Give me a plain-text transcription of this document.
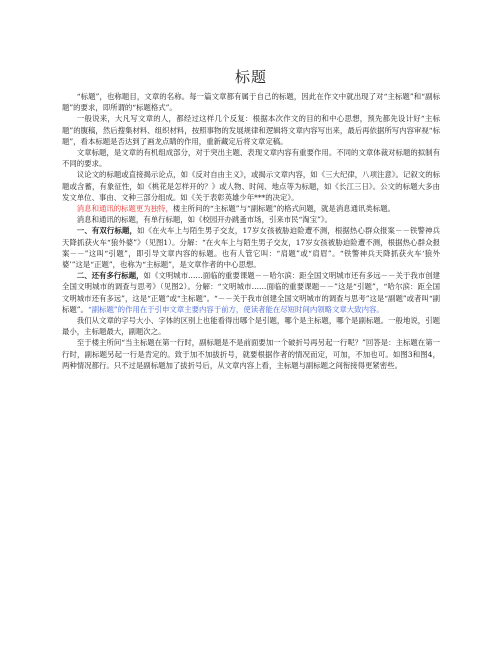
标题

“标题”，也称题目，文章的名称。每一篇文章都有属于自己的标题，因此在作文中就出现了对“主标题”和“副标题”的要求，即所谓的“标题格式”。

一般说来，大凡写文章的人，都经过这样几个反复：根据本次作文的目的和中心思想，预先都先设计好“主标题”的腹稿，然后搜集材料、组织材料，按照事物的发展规律和逻辑将文章内容写出来，最后再依据所写内容审视“标题”，看本标题是否达到了画龙点睛的作用，重新藏定后将文章定稿。

文章标题，是文章的有机组成部分，对于突出主题、表现文章内容有重要作用。不同的文章体裁对标题的拟制有不同的要求。

议论文的标题或直接揭示论点，如《反对自由主义》，或揭示文章内容，如《三大纪律，八项注意》。记叙文的标题或含蓄，有象征性，如《桃花是怎样开的？》或人物、时间、地点等为标题，如《长江三日》。公文的标题大多由发文单位、事由、文种三部分组成。如《关于表彰英雄少年***的决定》。

消息和通讯的标题更为独特，楼主所问的“主标题”与“副标题”的格式问题，就是消息通讯类标题。

消息和通讯的标题，有单行标题，如《校园开办跳蚤市场，引来市民“淘宝”》。

一、有双行标题，如《在火车上与陌生男子交友，17岁女孩被胁迫险遭不测，根据热心群众报案－－铁警神兵天降抓获火车“狼外婆”》（见图1）。分解：“在火车上与陌生男子交友，17岁女孩被胁迫险遭不测，根据热心群众报案－－”这叫“引题”，即引导文章内容的标题。也有人管它叫：“肩题”或“肩眉”。“铁警神兵天降抓获火车‘狼外婆’”这是“正题”，也称为“主标题”，是文章作者的中心思想。

二、还有多行标题，如《文明城市……面临的重要课题－－哈尔滨：距全国文明城市还有多远－－关于我市创建全国文明城市的调查与思考》（见图2）。分解：“文明城市……面临的重要课题－－”这是“引题”，“哈尔滨：距全国文明城市还有多远”，这是“正题”或“主标题”。“－－关于我市创建全国文明城市的调查与思考”这是“副题”或者叫“副标题”。“副标题”的作用在于引申文章主要内容于前方，使读者能在尽短时间内领略文章大致内容。

我们从文章的字号大小、字体的区别上也能看得出哪个是引题，哪个是主标题，哪个是副标题。一般地说，引题最小，主标题最大，副题次之。

至于楼主所问“当主标题在第一行时，副标题是不是前面要加一个破折号再另起一行呢？”回答是：主标题在第一行时，副标题另起一行是肯定的。致于加不加拔折号，就要根据作者的情况而定，可加，不加也可。如图3和图4，两种情况都行。只不过是副标题加了拔折号后，从文章内容上看，主标题与副标题之间衔接得更紧密些。
